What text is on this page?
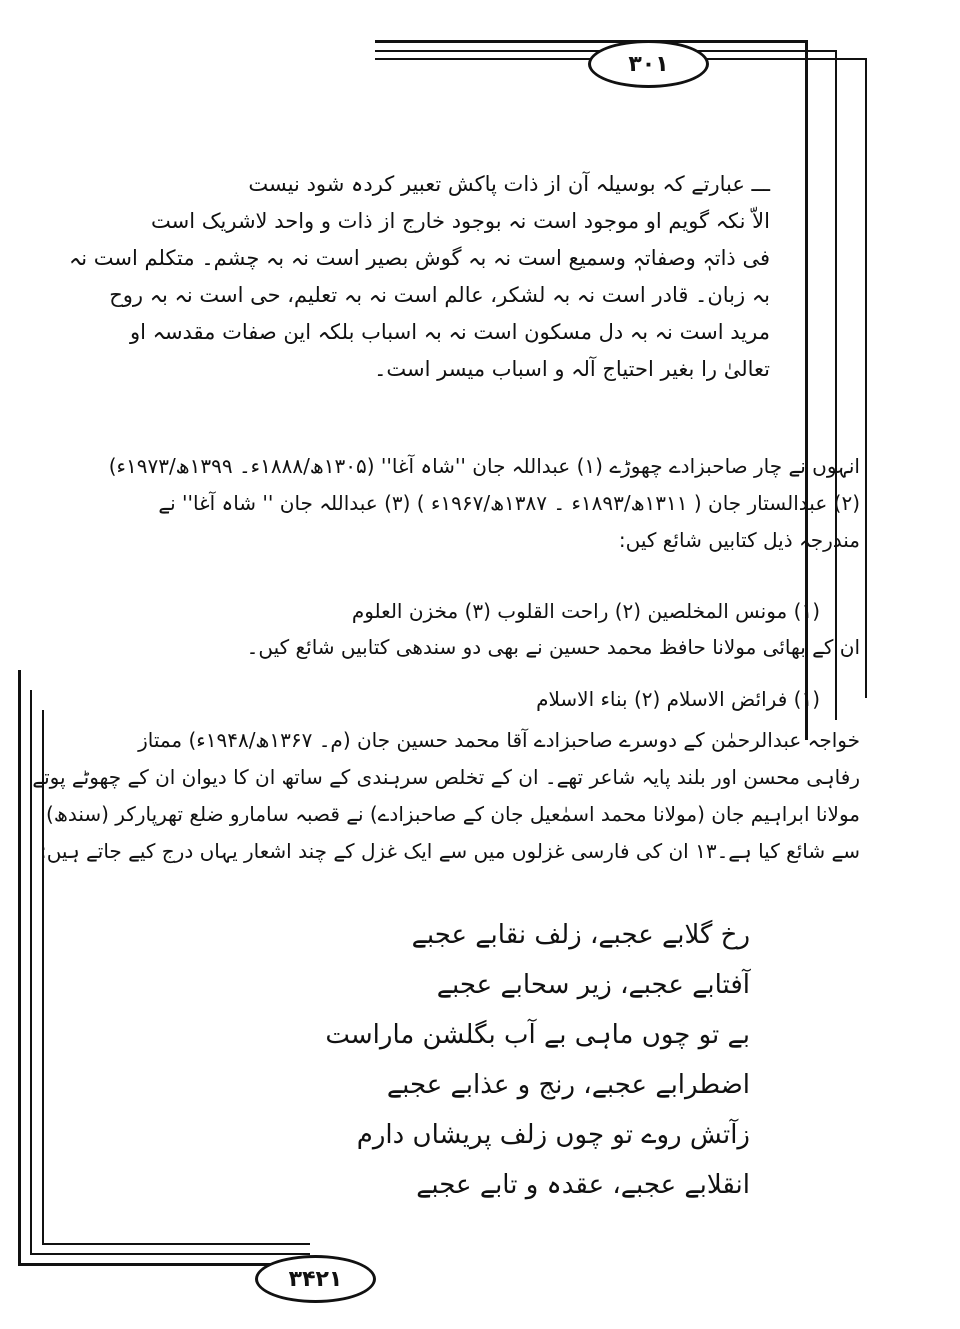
۳۰۱
۳۴۲۱
ـــ عبارتے کہ بوسیلہ آن از ذات پاکش تعبیر کردہ شود نیست
الاّ نکہ گویم او موجود است نہ بوجود خارج از ذات و واحد لاشریک است
فی ذاتہٖ وصفاتہٖ وسمیع است نہ بہ گوش بصیر است نہ بہ چشم۔ متکلم است نہ
بہ زبان۔ قادر است نہ بہ لشکر، عالم است نہ بہ تعلیم، حی است نہ بہ روح
مرید است نہ بہ دل مسکون است نہ بہ اسباب بلکہ این صفات مقدسہ او
تعالیٰ را بغیر احتیاج آلہ و اسباب میسر است۔
انہوں نے چار صاحبزادے چھوڑے (۱) عبداللہ جان ''شاہ آغا'' (۱۳۰۵ھ/۱۸۸۸ء۔ ۱۳۹۹ھ/۱۹۷۳ء)
(۲) عبدالستار جان ( ۱۳۱۱ھ/۱۸۹۳ء ۔ ۱۳۸۷ھ/۱۹۶۷ء ) (۳) عبداللہ جان '' شاہ آغا'' نے
مندرجہ ذیل کتابیں شائع کیں:
(۱) مونس المخلصین (۲) راحت القلوب (۳) مخزن العلوم
ان کے بھائی مولانا حافظ محمد حسین نے بھی دو سندھی کتابیں شائع کیں۔
(۱) فرائض الاسلام (۲) بناء الاسلام
خواجہ عبدالرحمٰن کے دوسرے صاحبزادے آقا محمد حسین جان (م۔ ۱۳۶۷ھ/۱۹۴۸ء) ممتاز
رفاہی محسن اور بلند پایہ شاعر تھے۔ ان کے تخلص سرہندی کے ساتھ ان کا دیوان ان کے چھوٹے پوتے
مولانا ابراہیم جان (مولانا محمد اسمٰعیل جان کے صاحبزادے) نے قصبہ سامارو ضلع تھرپارکر (سندھ)
سے شائع کیا ہے۔۱۳ ان کی فارسی غزلوں میں سے ایک غزل کے چند اشعار یہاں درج کیے جاتے ہیں:
رخ گلابے عجبے، زلف نقابے عجبے
آفتابے عجبے، زیر سحابے عجبے
بے تو چوں ماہی بے آب بگلشن ماراست
اضطرابے عجبے، رنج و عذابے عجبے
زآتش روے تو چوں زلف پریشاں دارم
انقلابے عجبے، عقدہ و تابے عجبے
